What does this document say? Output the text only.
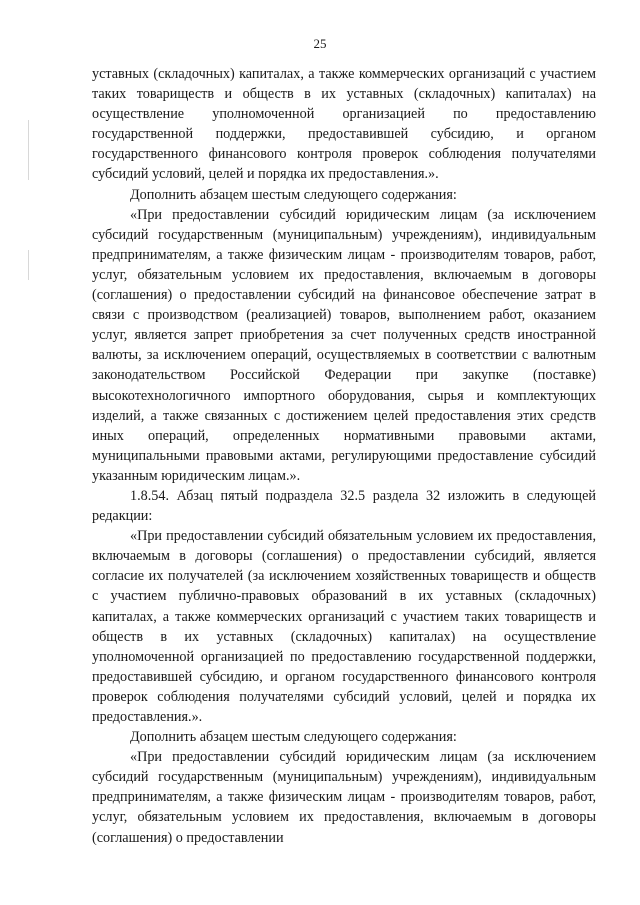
25

уставных (складочных) капиталах, а также коммерческих организаций с участием таких товариществ и обществ в их уставных (складочных) капиталах) на осуществление уполномоченной организацией по предоставлению государственной поддержки, предоставившей субсидию, и органом государственного финансового контроля проверок соблюдения получателями субсидий условий, целей и порядка их предоставления.».

Дополнить абзацем шестым следующего содержания:

«При предоставлении субсидий юридическим лицам (за исключением субсидий государственным (муниципальным) учреждениям), индивидуальным предпринимателям, а также физическим лицам - производителям товаров, работ, услуг, обязательным условием их предоставления, включаемым в договоры (соглашения) о предоставлении субсидий на финансовое обеспечение затрат в связи с производством (реализацией) товаров, выполнением работ, оказанием услуг, является запрет приобретения за счет полученных средств иностранной валюты, за исключением операций, осуществляемых в соответствии с валютным законодательством Российской Федерации при закупке (поставке) высокотехнологичного импортного оборудования, сырья и комплектующих изделий, а также связанных с достижением целей предоставления этих средств иных операций, определенных нормативными правовыми актами, муниципальными правовыми актами, регулирующими предоставление субсидий указанным юридическим лицам.».

1.8.54. Абзац пятый подраздела 32.5 раздела 32 изложить в следующей редакции:

«При предоставлении субсидий обязательным условием их предоставления, включаемым в договоры (соглашения) о предоставлении субсидий, является согласие их получателей (за исключением хозяйственных товариществ и обществ с участием публично-правовых образований в их уставных (складочных) капиталах, а также коммерческих организаций с участием таких товариществ и обществ в их уставных (складочных) капиталах) на осуществление уполномоченной организацией по предоставлению государственной поддержки, предоставившей субсидию, и органом государственного финансового контроля проверок соблюдения получателями субсидий условий, целей и порядка их предоставления.».

Дополнить абзацем шестым следующего содержания:

«При предоставлении субсидий юридическим лицам (за исключением субсидий государственным (муниципальным) учреждениям), индивидуальным предпринимателям, а также физическим лицам - производителям товаров, работ, услуг, обязательным условием их предоставления, включаемым в договоры (соглашения) о предоставлении
